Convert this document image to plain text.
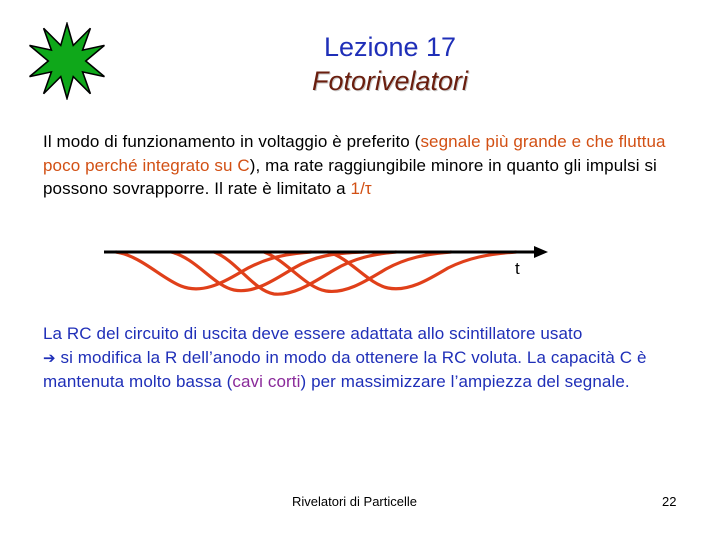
Lezione 17
Fotorivelatori
Il modo di funzionamento in voltaggio è preferito (segnale più grande e che fluttua poco perché integrato su C), ma rate raggiungibile minore in quanto gli impulsi si possono sovrapporre. Il rate è limitato a 1/τ
t
La RC del circuito di uscita deve essere adattata allo scintillatore usato
➔ si modifica la R dell’anodo in modo da ottenere la RC voluta. La capacità C è mantenuta molto bassa (cavi corti) per massimizzare l’ampiezza del segnale.
Rivelatori di Particelle	22
